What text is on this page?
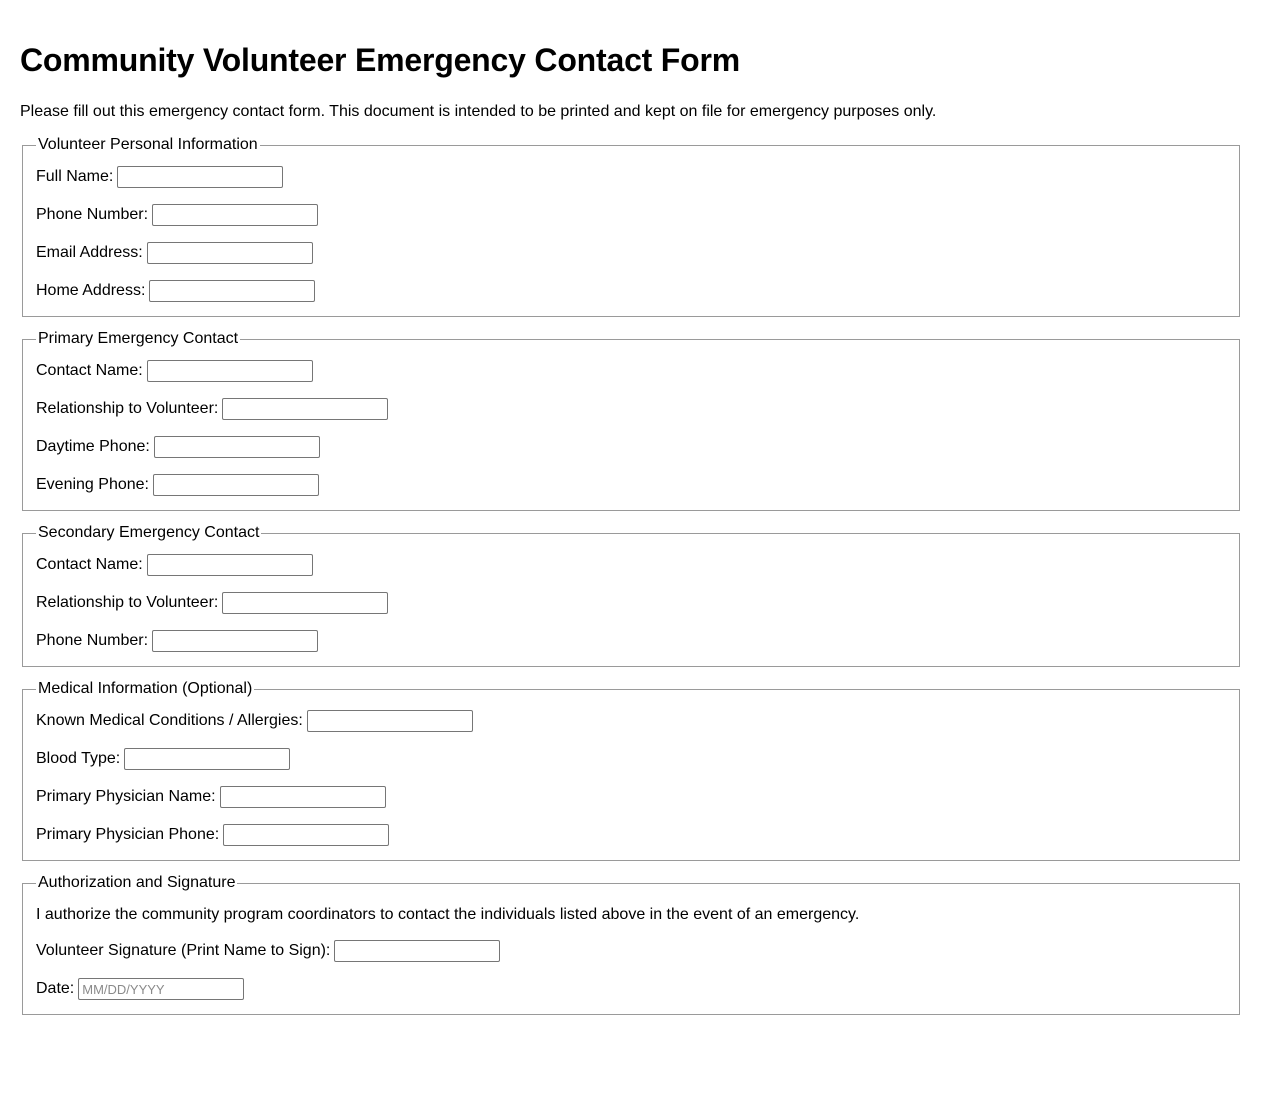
Community Volunteer Emergency Contact Form

Please fill out this emergency contact form. This document is intended to be printed and kept on file for emergency purposes only.

Volunteer Personal Information
Full Name:
Phone Number:
Email Address:
Home Address:
Primary Emergency Contact
Contact Name:
Relationship to Volunteer:
Daytime Phone:
Evening Phone:
Secondary Emergency Contact
Contact Name:
Relationship to Volunteer:
Phone Number:
Medical Information (Optional)
Known Medical Conditions / Allergies:
Blood Type:
Primary Physician Name:
Primary Physician Phone:
Authorization and Signature

I authorize the community program coordinators to contact the individuals listed above in the event of an emergency.

Volunteer Signature (Print Name to Sign):
Date:
MM/DD/YYYY
